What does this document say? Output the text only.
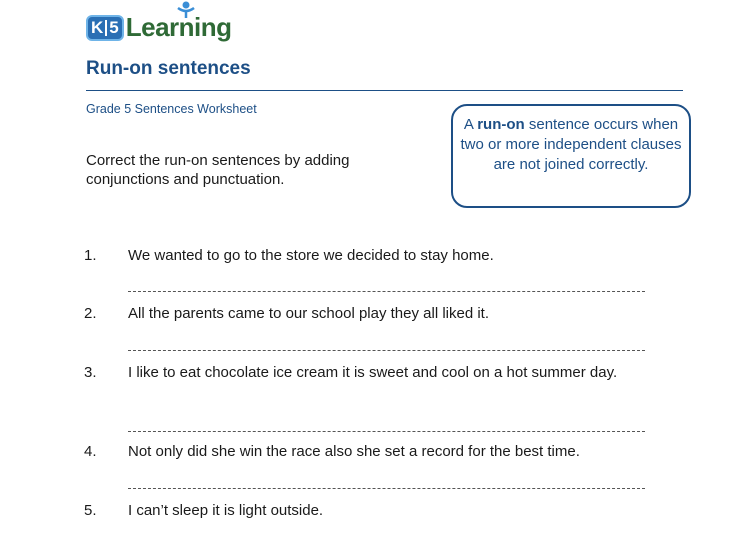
K 5 Learning
Run-on sentences
Grade 5 Sentences Worksheet
Correct the run-on sentences by adding conjunctions and punctuation.
A run-on sentence occurs when two or more independent clauses are not joined correctly.
1. We wanted to go to the store we decided to stay home.
2. All the parents came to our school play they all liked it.
3. I like to eat chocolate ice cream it is sweet and cool on a hot summer day.
4. Not only did she win the race also she set a record for the best time.
5. I can’t sleep it is light outside.
